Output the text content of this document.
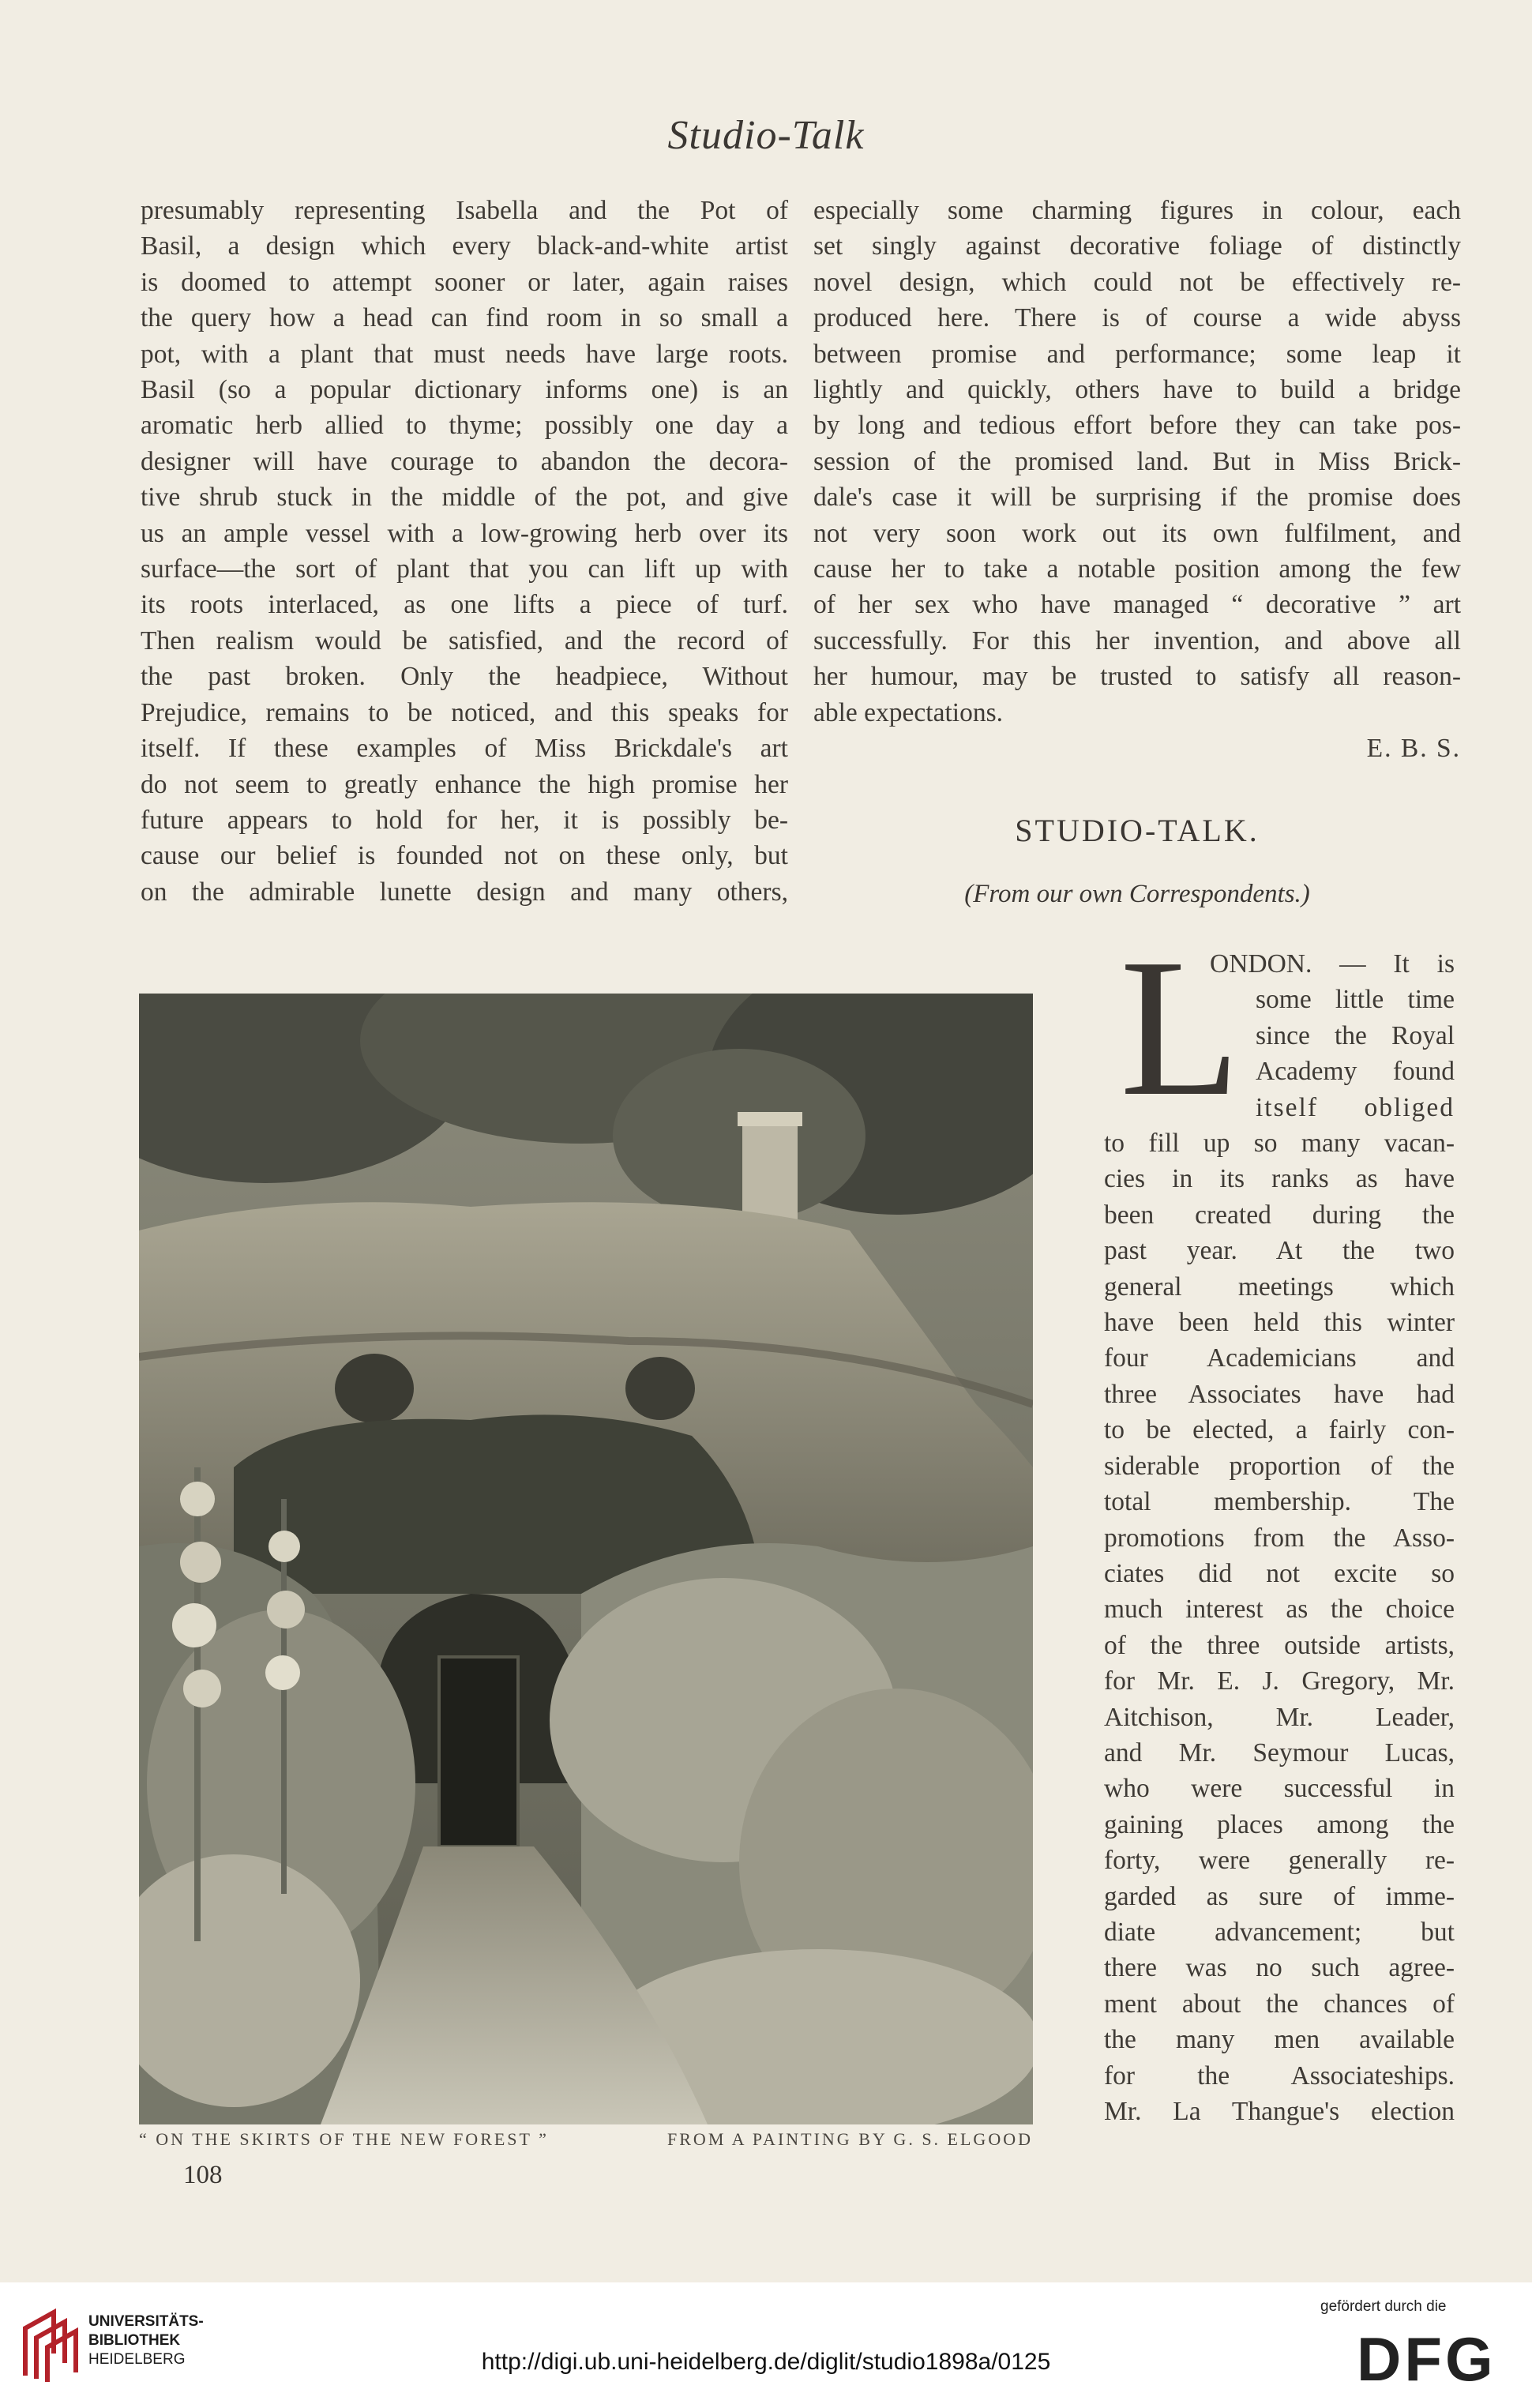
Studio-Talk

presumably representing Isabella and the Pot of

Basil, a design which every black-and-white artist

is doomed to attempt sooner or later, again raises

the query how a head can find room in so small a

pot, with a plant that must needs have large roots.

Basil (so a popular dictionary informs one) is an

aromatic herb allied to thyme; possibly one day a

designer will have courage to abandon the decora-

tive shrub stuck in the middle of the pot, and give

us an ample vessel with a low-growing herb over its

surface—the sort of plant that you can lift up with

its roots interlaced, as one lifts a piece of turf.

Then realism would be satisfied, and the record of

the past broken. Only the headpiece, Without

Prejudice, remains to be noticed, and this speaks for

itself. If these examples of Miss Brickdale's art

do not seem to greatly enhance the high promise her

future appears to hold for her, it is possibly be-

cause our belief is founded not on these only, but

on the admirable lunette design and many others,

especially some charming figures in colour, each

set singly against decorative foliage of distinctly

novel design, which could not be effectively re-

produced here. There is of course a wide abyss

between promise and performance; some leap it

lightly and quickly, others have to build a bridge

by long and tedious effort before they can take pos-

session of the promised land. But in Miss Brick-

dale's case it will be surprising if the promise does

not very soon work out its own fulfilment, and

cause her to take a notable position among the few

of her sex who have managed “ decorative ” art

successfully. For this her invention, and above all

her humour, may be trusted to satisfy all reason-

able expectations.

E. B. S.

STUDIO-TALK.
(From our own Correspondents.)
L

ONDON. — It is

some little time

since the Royal

Academy found

itself obliged

to fill up so many vacan-

cies in its ranks as have

been created during the

past year. At the two

general meetings which

have been held this winter

four Academicians and

three Associates have had

to be elected, a fairly con-

siderable proportion of the

total membership. The

promotions from the Asso-

ciates did not excite so

much interest as the choice

of the three outside artists,

for Mr. E. J. Gregory, Mr.

Aitchison, Mr. Leader,

and Mr. Seymour Lucas,

who were successful in

gaining places among the

forty, were generally re-

garded as sure of imme-

diate advancement; but

there was no such agree-

ment about the chances of

the many men available

for the Associateships.

Mr. La Thangue's election

“ ON THE SKIRTS OF THE NEW FOREST ”	FROM A PAINTING BY G. S. ELGOOD
108
UNIVERSITÄTS-
BIBLIOTHEK
HEIDELBERG	http://digi.ub.uni-heidelberg.de/diglit/studio1898a/0125
gefördert durch die
DFG
